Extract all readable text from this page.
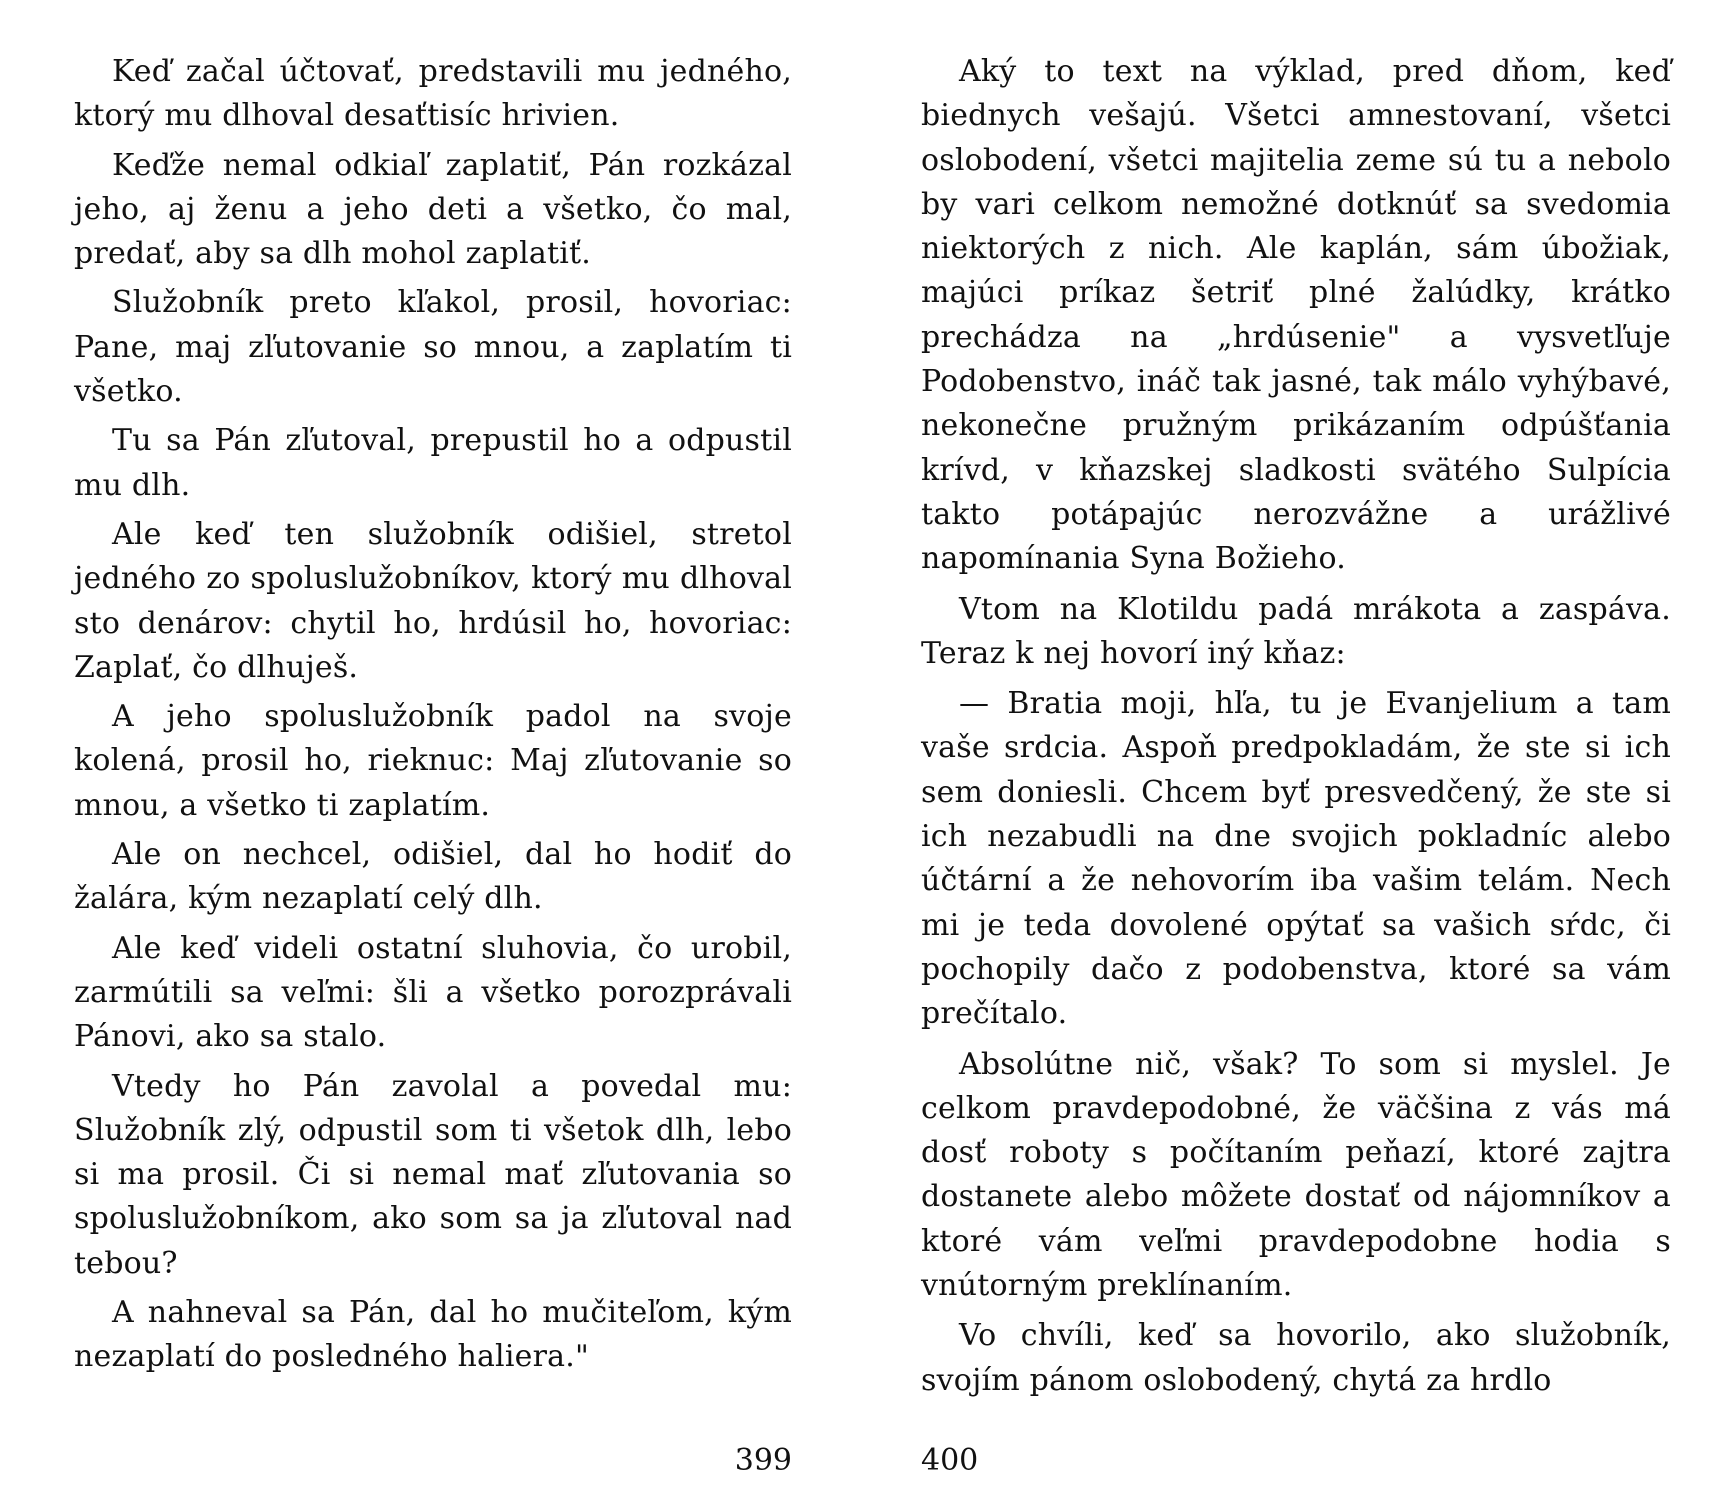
Keď začal účtovať, predstavili mu jedného, ktorý mu dlhoval desaťtisíc hrivien.

Keďže nemal odkiaľ zaplatiť, Pán rozkázal jeho, aj ženu a jeho deti a všetko, čo mal, predať, aby sa dlh mohol zaplatiť.

Služobník preto kľakol, prosil, hovoriac: Pane, maj zľutovanie so mnou, a zaplatím ti všetko.

Tu sa Pán zľutoval, prepustil ho a odpustil mu dlh.

Ale keď ten služobník odišiel, stretol jedného zo spoluslužobníkov, ktorý mu dlhoval sto denárov: chytil ho, hrdúsil ho, hovoriac: Zaplať, čo dlhuješ.

A jeho spoluslužobník padol na svoje kolená, prosil ho, rieknuc: Maj zľutovanie so mnou, a všetko ti zaplatím.

Ale on nechcel, odišiel, dal ho hodiť do žalára, kým nezaplatí celý dlh.

Ale keď videli ostatní sluhovia, čo urobil, zarmútili sa veľmi: šli a všetko porozprávali Pánovi, ako sa stalo.

Vtedy ho Pán zavolal a povedal mu: Služobník zlý, odpustil som ti všetok dlh, lebo si ma prosil. Či si nemal mať zľutovania so spoluslužobníkom, ako som sa ja zľutoval nad tebou?

A nahneval sa Pán, dal ho mučiteľom, kým nezaplatí do posledného haliera."

399

Aký to text na výklad, pred dňom, keď biednych vešajú. Všetci amnestovaní, všetci oslobodení, všetci majitelia zeme sú tu a nebolo by vari celkom nemožné dotknúť sa svedomia niektorých z nich. Ale kaplán, sám úbožiak, majúci príkaz šetriť plné žalúdky, krátko prechádza na „hrdúsenie" a vysvetľuje Podobenstvo, ináč tak jasné, tak málo vyhýbavé, nekonečne pružným prikázaním odpúšťania krívd, v kňazskej sladkosti svätého Sulpícia takto potápajúc nerozvážne a urážlivé napomínania Syna Božieho.

Vtom na Klotildu padá mrákota a zaspáva. Teraz k nej hovorí iný kňaz:

— Bratia moji, hľa, tu je Evanjelium a tam vaše srdcia. Aspoň predpokladám, že ste si ich sem doniesli. Chcem byť presvedčený, že ste si ich nezabudli na dne svojich pokladníc alebo účtární a že nehovorím iba vašim telám. Nech mi je teda dovolené opýtať sa vašich sŕdc, či pochopily dačo z podobenstva, ktoré sa vám prečítalo.

Absolútne nič, však? To som si myslel. Je celkom pravdepodobné, že väčšina z vás má dosť roboty s počítaním peňazí, ktoré zajtra dostanete alebo môžete dostať od nájomníkov a ktoré vám veľmi pravdepodobne hodia s vnútorným preklínaním.

Vo chvíli, keď sa hovorilo, ako služobník, svojím pánom oslobodený, chytá za hrdlo

400
